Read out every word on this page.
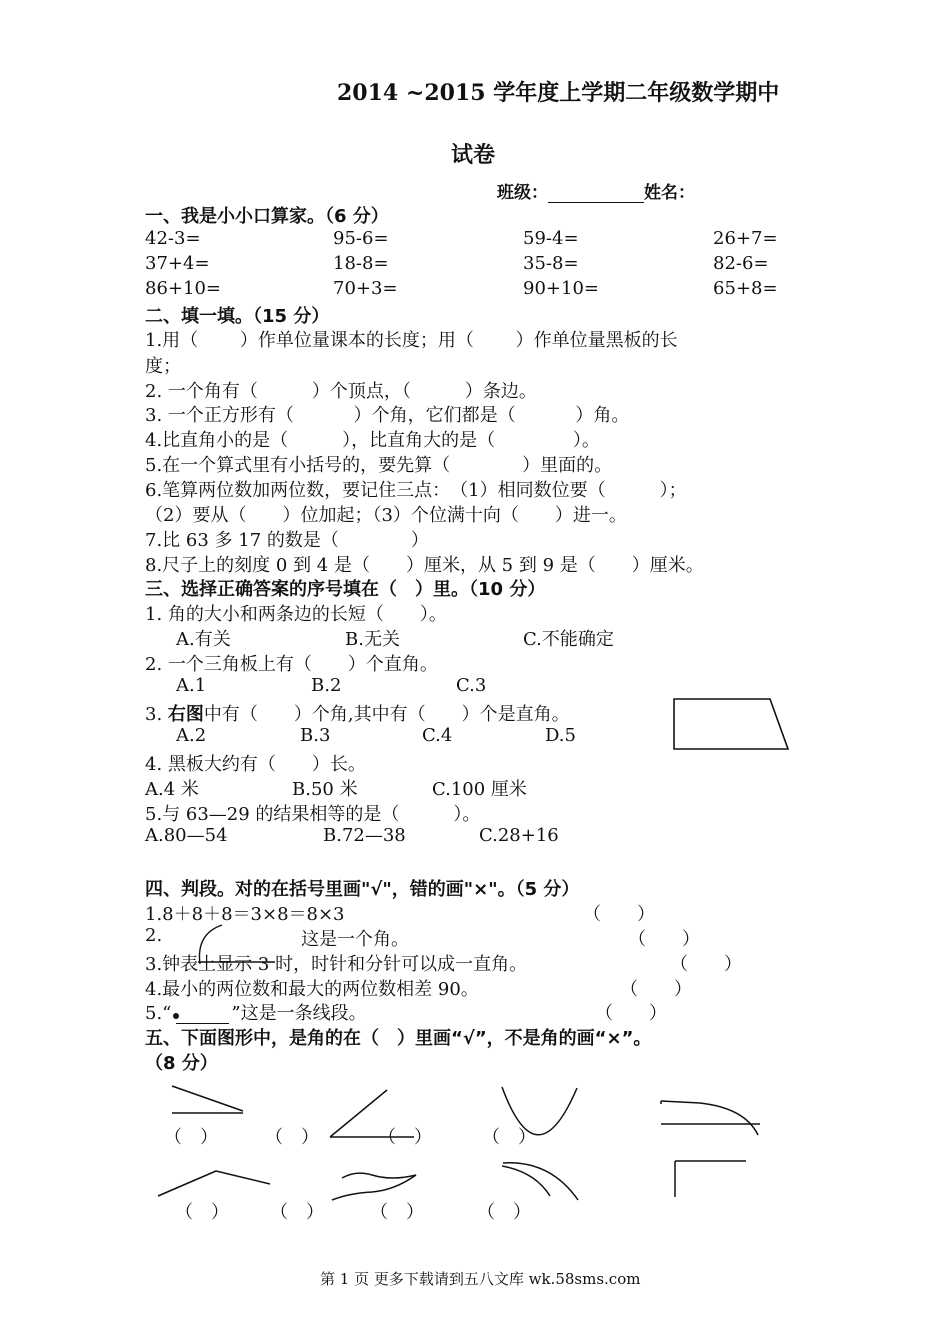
2014 ~2015 学年度上学期二年级数学期中
试卷
班级：	姓名：
一、我是小小口算家。（6 分）
42-3=	95-6=	59-4=	26+7=
37+4=	18-8=	35-8=	82-6=
86+10=	70+3=	90+10=	65+8=
二、填一填。（15 分）
1.用（　　 ）作单位量课本的长度；用（　　 ）作单位量黑板的长
度；
2. 一个角有（　　　）个顶点，（　　　）条边。
3. 一个正方形有（　　　 ）个角，它们都是（　　　 ）角。
4.比直角小的是（　　　），比直角大的是（　　　　 ）。
5.在一个算式里有小括号的，要先算（　　　　）里面的。
6.笔算两位数加两位数，要记住三点：　（1）相同数位要（　　　）；
（2）要从（　　）位加起；（3）个位满十向（　　）进一。
7.比 63 多 17 的数是（　　　　）
8.尺子上的刻度 0 到 4 是（　　）厘米，从 5 到 9 是（　　）厘米。
三、选择正确答案的序号填在（　）里。（10 分）
1. 角的大小和两条边的长短（　　）。
A.有关	B.无关	C.不能确定
2. 一个三角板上有（　　）个直角。
A.1	B.2	C.3
3. 右图中有（　　）个角,其中有（　　）个是直角。
A.2	B.3	C.4	D.5
4. 黑板大约有（　　）长。
A.4 米	B.50 米	C.100 厘米
5.与 63—29 的结果相等的是（　　　）。
A.80—54	B.72—38	C.28+16
四、判段。对的在括号里画"√"，错的画"×"。（5 分）
1.8＋8＋8＝3×8＝8×3	（　　）
2.	这是一个角。	（　　）
3.钟表上显示 3 时，时针和分针可以成一直角。	（　　）
4.最小的两位数和最大的两位数相差 90。	（　　）
5.“	”这是一条线段。	（　　）
五、下面图形中，是角的在（　）里画“√”，不是角的画“×”。
（8 分）
（　）	（　）	（　）	（　）
（　） （　）	（　）	（　）
第 1 页 更多下载请到五八文库 wk.58sms.com
